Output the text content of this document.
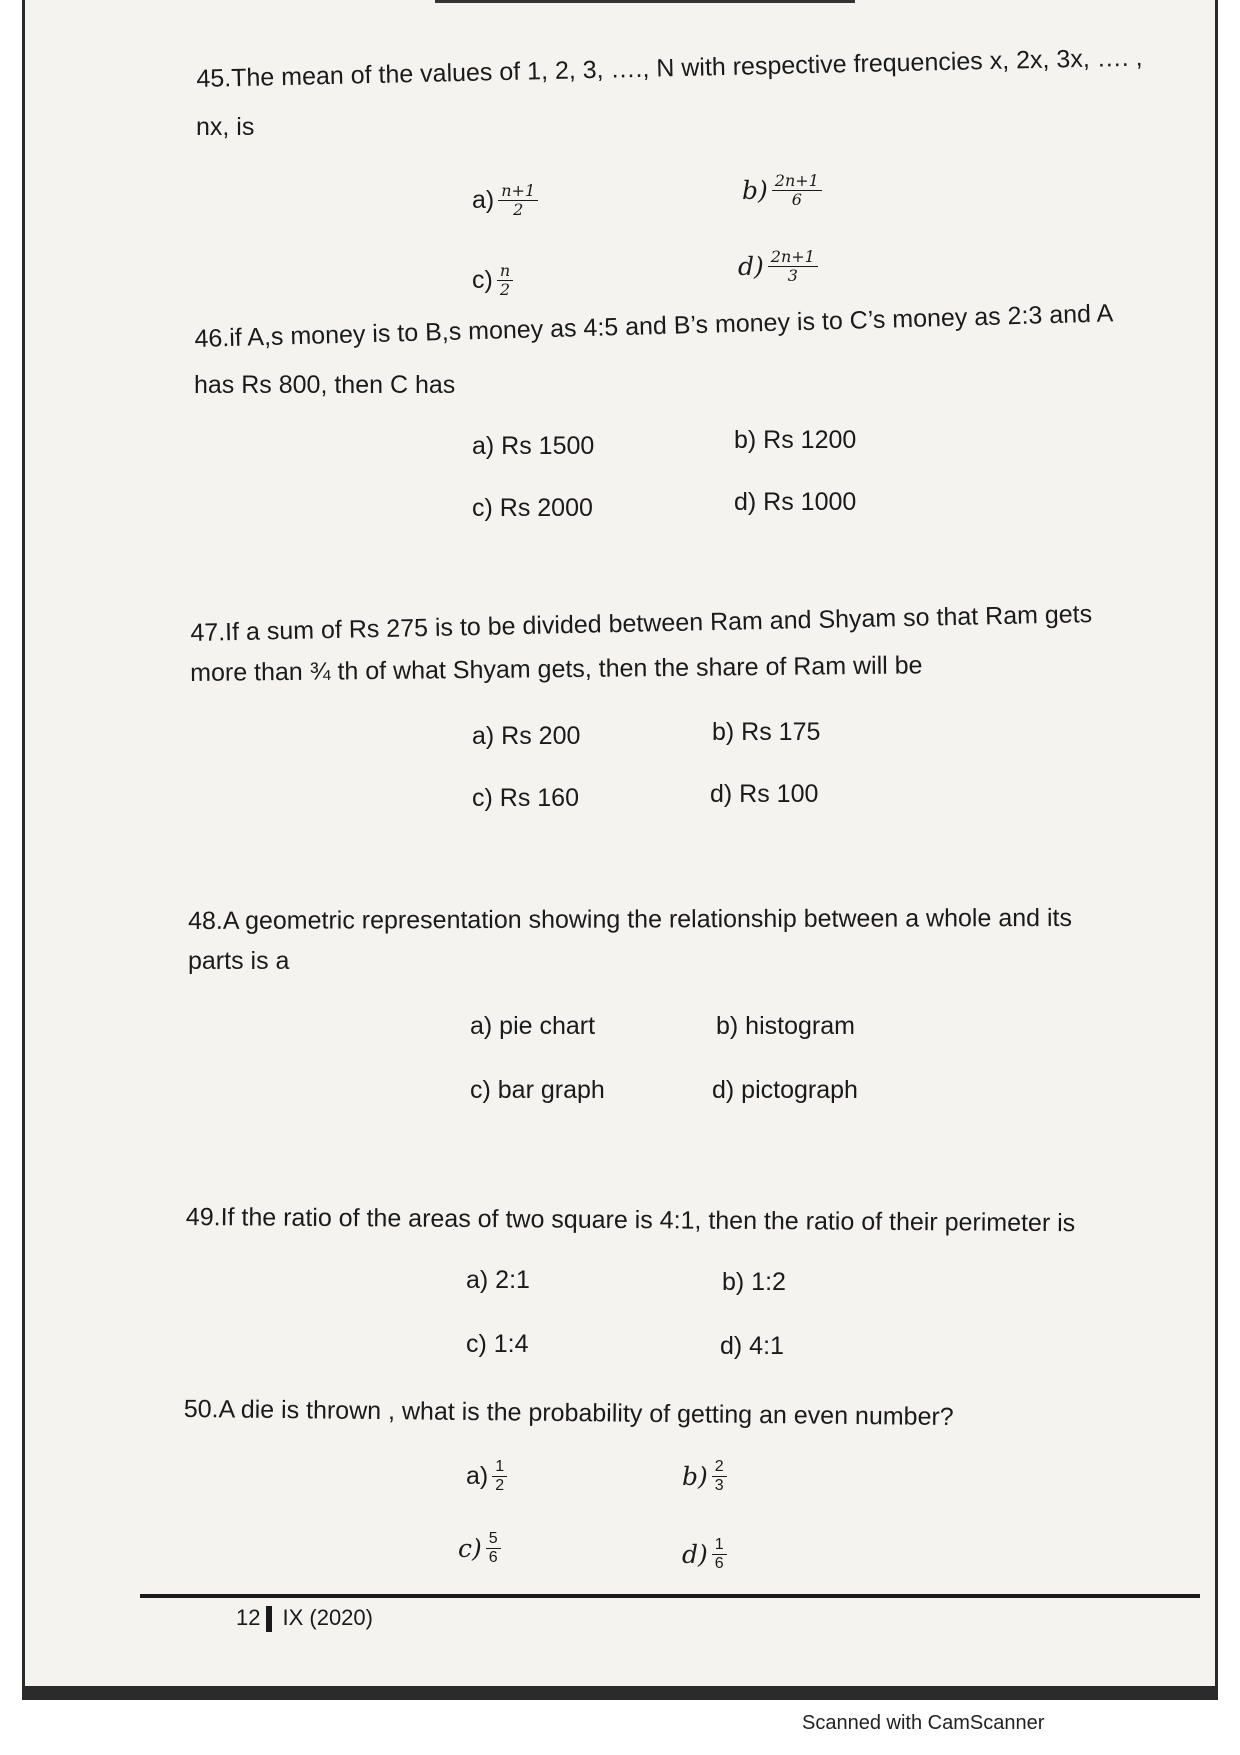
45.The mean of the values of 1, 2, 3, …., N with respective frequencies x, 2x, 3x, …. ,
nx, is
$a) \frac{n+1}{2}$	$b) \frac{2n+1}{6}$
$c) \frac{n}{2}$	$d) \frac{2n+1}{3}$
46.if A,s money is to B,s money as 4:5 and B’s money is to C’s money as 2:3 and A
has Rs 800, then C has
a) Rs 1500	b) Rs 1200
c) Rs 2000	d) Rs 1000
47.If a sum of Rs 275 is to be divided between Ram and Shyam so that Ram gets
more than ¾ th of what Shyam gets, then the share of Ram will be
a) Rs 200	b) Rs 175
c) Rs 160	d) Rs 100
48.A geometric representation showing the relationship between a whole and its
parts is a
a) pie chart	b) histogram
c) bar graph	d) pictograph
49.If the ratio of the areas of two square is 4:1, then the ratio of their perimeter is
a) 2:1	b) 1:2
c) 1:4	d) 4:1
50.A die is thrown , what is the probability of getting an even number?
$a) \frac{1}{2}$	$b) \frac{2}{3}$
$c) \frac{5}{6}$	$d) \frac{1}{6}$
12 IX (2020)
Scanned with CamScanner
